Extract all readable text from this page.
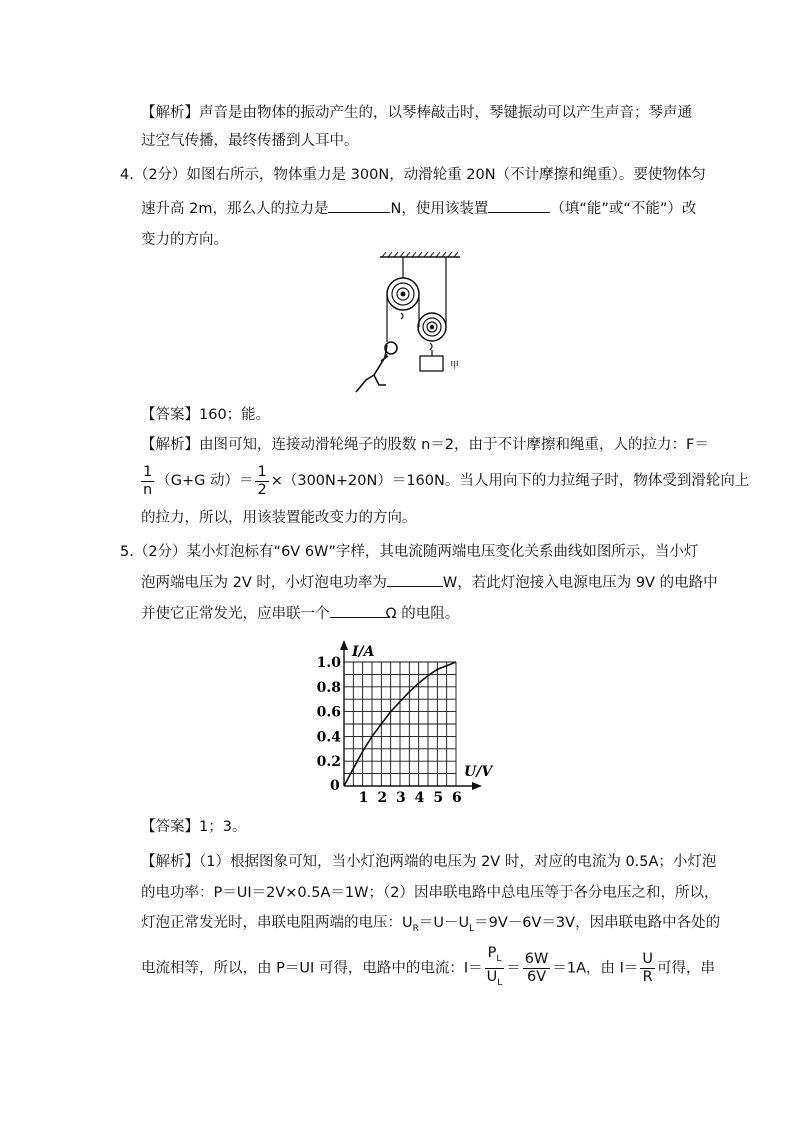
【解析】声音是由物体的振动产生的，以琴棒敲击时，琴键振动可以产生声音；琴声通
过空气传播，最终传播到人耳中。
4.（2分）如图右所示，物体重力是 300N，动滑轮重 20N（不计摩擦和绳重）。要使物体匀
速升高 2m，那么人的拉力是	N，使用该装置	（填“能”或“不能”）改
变力的方向。
甲
【答案】160；能。
【解析】由图可知，连接动滑轮绳子的股数 n＝2，由于不计摩擦和绳重，人的拉力：F＝
$\frac{1}{n} (G+G$ 动）＝ $\frac{1}{2} \times(300N+20N)=160N$。当人用向下的力拉绳子时，物体受到滑轮向上
的拉力，所以，用该装置能改变力的方向。
5.（2分）某小灯泡标有“6V 6W”字样，其电流随两端电压变化关系曲线如图所示，当小灯
泡两端电压为 2V 时，小灯泡电功率为	W，若此灯泡接入电源电压为 9V 的电路中
并使它正常发光，应串联一个	Ω 的电阻。
I/A
U/V
0
1 2 3 4 5 6
0.2
0.4
0.6
0.8
1.0
【答案】1；3。
【解析】（1）根据图象可知，当小灯泡两端的电压为 2V 时，对应的电流为 0.5A；小灯泡
的电功率：P＝UI＝2V×0.5A＝1W；（2）因串联电路中总电压等于各分电压之和，所以，
灯泡正常发光时，串联电阻两端的电压：$U_R=U-U_L=9V-6V=3V$，因串联电路中各处的
电流相等，所以，由 P＝UI 可得，电路中的电流：$I= \frac{P_L}{U_L} = \frac{6W}{6V} =1A$，由 $I= \frac{U}{R}$ 可得，串
